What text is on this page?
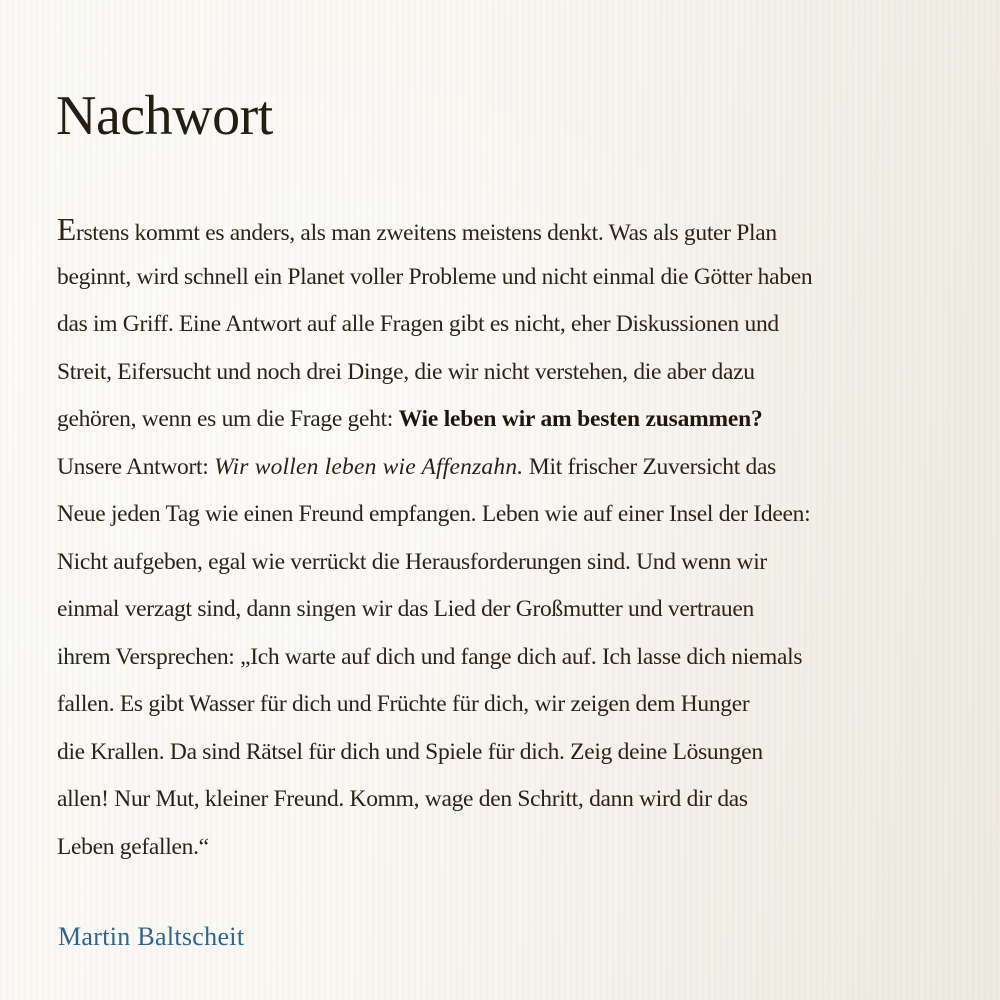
Nachwort
Erstens kommt es anders, als man zweitens meistens denkt. Was als guter Plan
beginnt, wird schnell ein Planet voller Probleme und nicht einmal die Götter haben
das im Griff. Eine Antwort auf alle Fragen gibt es nicht, eher Diskussionen und
Streit, Eifersucht und noch drei Dinge, die wir nicht verstehen, die aber dazu
gehören, wenn es um die Frage geht: Wie leben wir am besten zusammen?
Unsere Antwort: Wir wollen leben wie Affenzahn. Mit frischer Zuversicht das
Neue jeden Tag wie einen Freund empfangen. Leben wie auf einer Insel der Ideen:
Nicht aufgeben, egal wie verrückt die Herausforderungen sind. Und wenn wir
einmal verzagt sind, dann singen wir das Lied der Großmutter und vertrauen
ihrem Versprechen: „Ich warte auf dich und fange dich auf. Ich lasse dich niemals
fallen. Es gibt Wasser für dich und Früchte für dich, wir zeigen dem Hunger
die Krallen. Da sind Rätsel für dich und Spiele für dich. Zeig deine Lösungen
allen! Nur Mut, kleiner Freund. Komm, wage den Schritt, dann wird dir das
Leben gefallen.“
Martin Baltscheit
